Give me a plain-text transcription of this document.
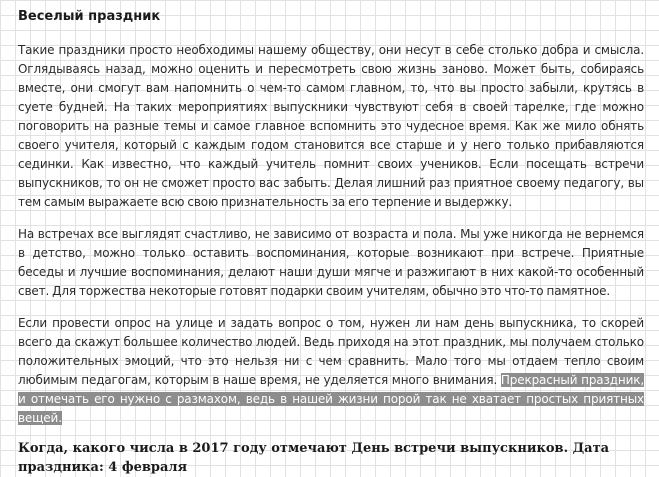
Веселый праздник

Такие праздники просто необходимы нашему обществу, они несут в себе столько добра и смысла. Оглядываясь назад, можно оценить и пересмотреть свою жизнь заново. Может быть, собираясь вместе, они смогут вам напомнить о чем-то самом главном, то, что вы просто забыли, крутясь в суете будней. На таких мероприятиях выпускники чувствуют себя в своей тарелке, где можно поговорить на разные темы и самое главное вспомнить это чудесное время. Как же мило обнять своего учителя, который с каждым годом становится все старше и у него только прибавляются сединки. Как известно, что каждый учитель помнит своих учеников. Если посещать встречи выпускников, то он не сможет просто вас забыть. Делая лишний раз приятное своему педагогу, вы тем самым выражаете всю свою признательность за его терпение и выдержку.

На встречах все выглядят счастливо, не зависимо от возраста и пола. Мы уже никогда не вернемся в детство, можно только оставить воспоминания, которые возникают при встрече. Приятные беседы и лучшие воспоминания, делают наши души мягче и разжигают в них какой-то особенный свет. Для торжества некоторые готовят подарки своим учителям, обычно это что-то памятное.

Если провести опрос на улице и задать вопрос о том, нужен ли нам день выпускника, то скорей всего да скажут большее количество людей. Ведь приходя на этот праздник, мы получаем столько положительных эмоций, что это нельзя ни с чем сравнить. Мало того мы отдаем тепло своим любимым педагогам, которым в наше время, не уделяется много внимания. Прекрасный праздник, и отмечать его нужно с размахом, ведь в нашей жизни порой так не хватает простых приятных вещей.

Когда, какого числа в 2017 году отмечают День встречи выпускников. Дата праздника: 4 февраля
